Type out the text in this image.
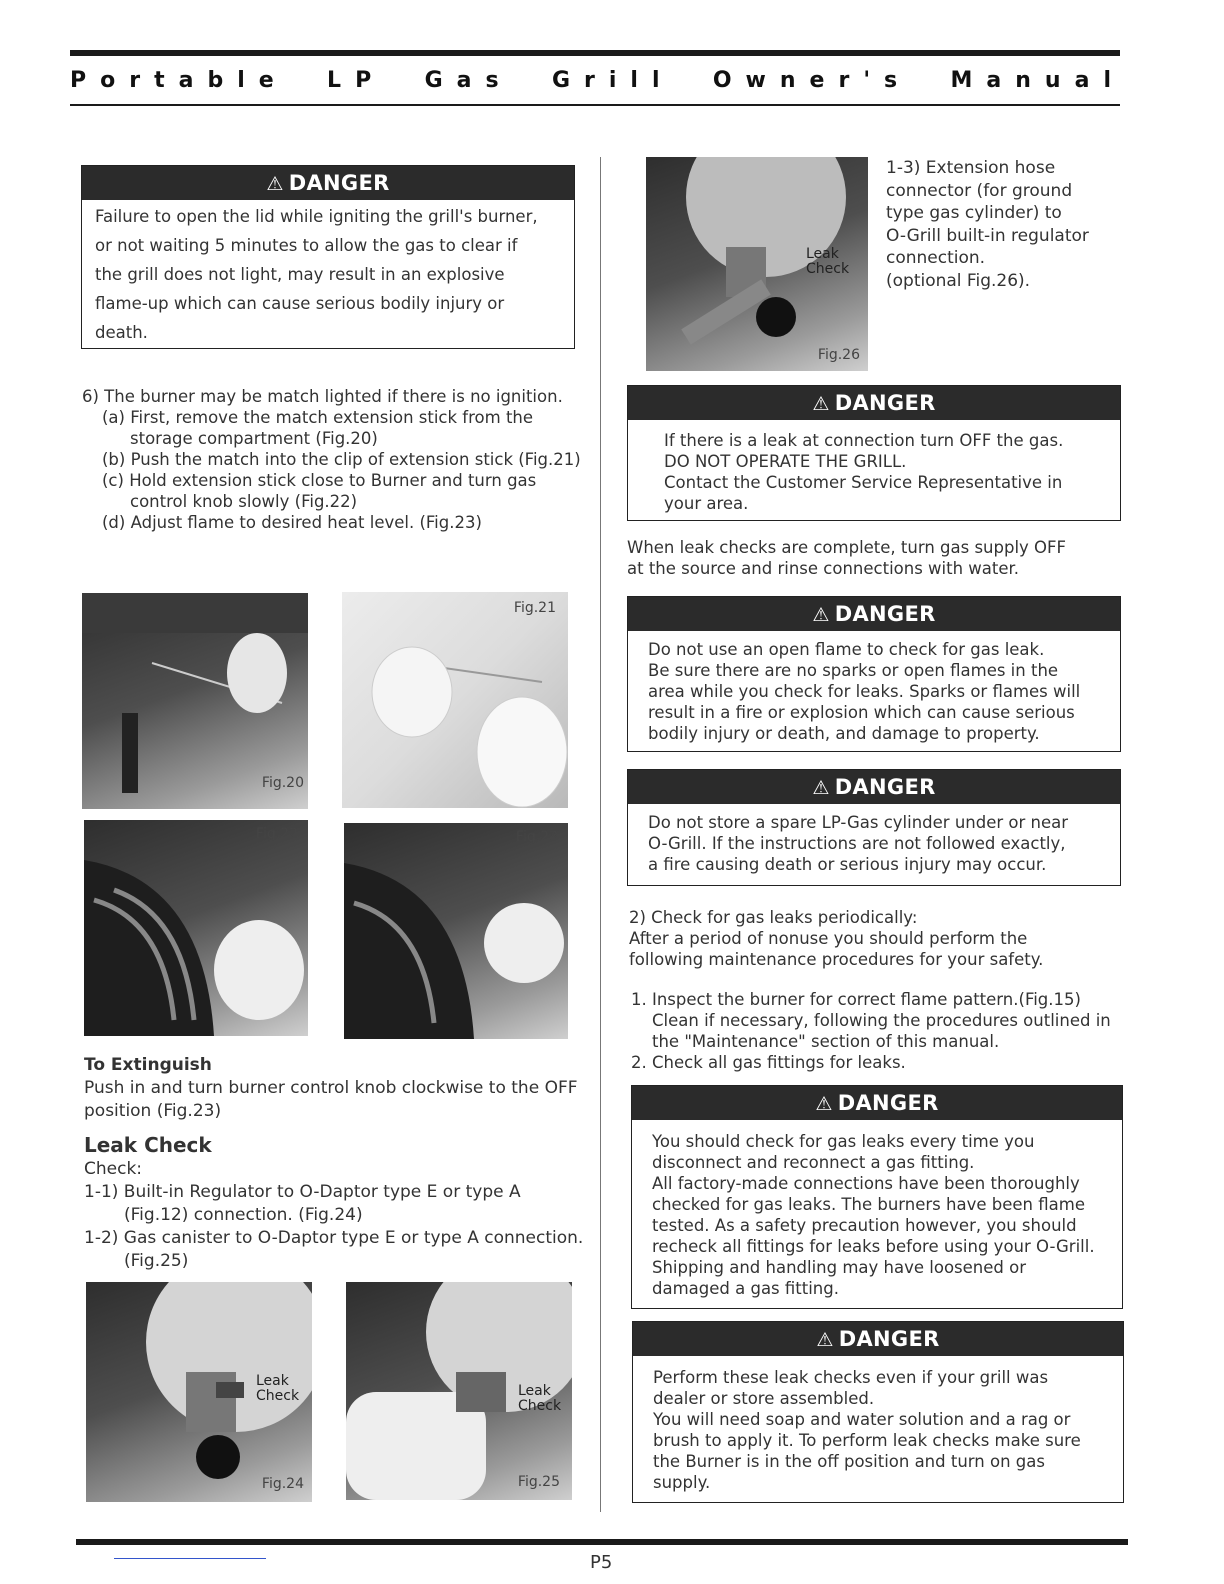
Portable LP Gas Grill Owner's Manual
⚠ DANGER

Failure to open the lid while igniting the grill's burner,

or not waiting 5 minutes to allow the gas to clear if

the grill does not light, may result in an explosive

flame-up which can cause serious bodily injury or

death.

6) The burner may be match lighted if there is no ignition.

(a) First, remove the match extension stick from the storage compartment (Fig.20)

(b) Push the match into the clip of extension stick (Fig.21)

(c) Hold extension stick close to Burner and turn gas control knob slowly (Fig.22)

(d) Adjust flame to desired heat level. (Fig.23)

Fig.20
Fig.21
Fig.22	Fig.23

To Extinguish

Push in and turn burner control knob clockwise to the OFF position (Fig.23)

Leak Check

Check:

1-1) Built-in Regulator to O-Daptor type E or type A (Fig.12) connection. (Fig.24)

1-2) Gas canister to O-Daptor type E or type A connection. (Fig.25)

Leak
Check
Fig.24
Leak
Check
Fig.25
Leak
Check
Fig.26

1-3) Extension hose

connector (for ground

type gas cylinder) to

O-Grill built-in regulator

connection.

(optional Fig.26).

⚠ DANGER

If there is a leak at connection turn OFF the gas.

DO NOT OPERATE THE GRILL.

Contact the Customer Service Representative in

your area.

When leak checks are complete, turn gas supply OFF

at the source and rinse connections with water.

⚠ DANGER

Do not use an open flame to check for gas leak.

Be sure there are no sparks or open flames in the

area while you check for leaks. Sparks or flames will

result in a fire or explosion which can cause serious

bodily injury or death, and damage to property.

⚠ DANGER

Do not store a spare LP-Gas cylinder under or near

O-Grill. If the instructions are not followed exactly,

a fire causing death or serious injury may occur.

2) Check for gas leaks periodically:

After a period of nonuse you should perform the

following maintenance procedures for your safety.

1. Inspect the burner for correct flame pattern.(Fig.15) Clean if necessary, following the procedures outlined in the "Maintenance" section of this manual.

2. Check all gas fittings for leaks.

⚠ DANGER

You should check for gas leaks every time you

disconnect and reconnect a gas fitting.

All factory-made connections have been thoroughly

checked for gas leaks. The burners have been flame

tested. As a safety precaution however, you should

recheck all fittings for leaks before using your O-Grill.

Shipping and handling may have loosened or

damaged a gas fitting.

⚠ DANGER

Perform these leak checks even if your grill was

dealer or store assembled.

You will need soap and water solution and a rag or

brush to apply it. To perform leak checks make sure

the Burner is in the off position and turn on gas

supply.

P5
